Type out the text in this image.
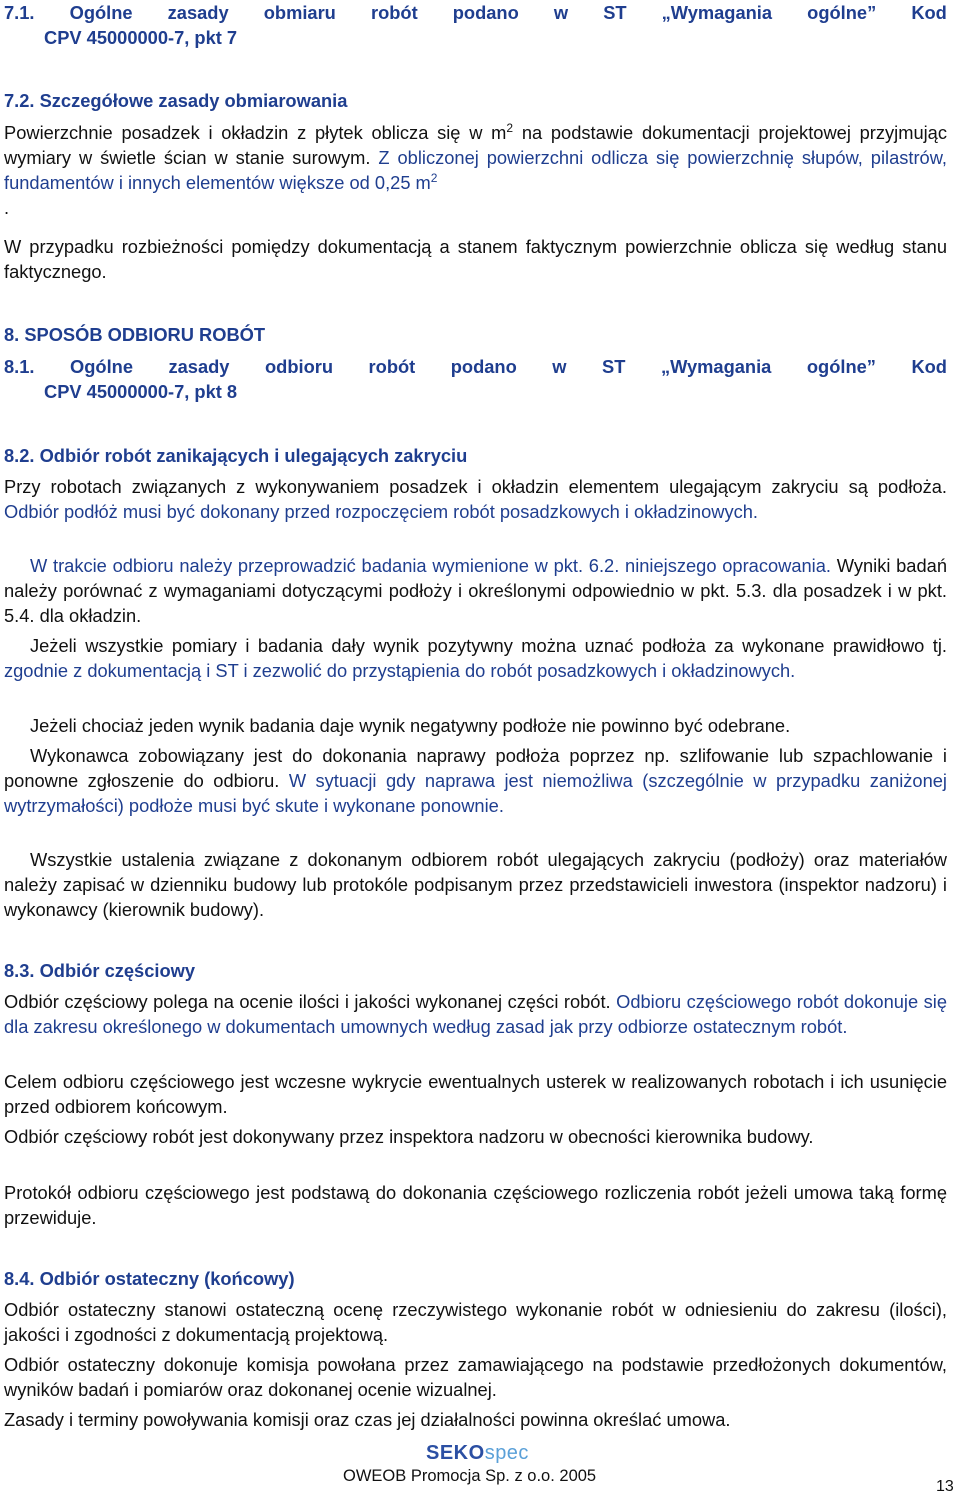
7.1. Ogólne zasady obmiaru robót podano w ST „Wymagania ogólne” Kod
CPV 45000000-7, pkt 7
7.2. Szczegółowe zasady obmiarowania

Powierzchnie posadzek i okładzin z płytek oblicza się w $m^2$ na podstawie dokumentacji projektowej przyjmując wymiary w świetle ścian w stanie surowym. Z obliczonej powierzchni odlicza się powierzchnię słupów, pilastrów, fundamentów i innych elementów większe od 0,25 $m^2$
.

W przypadku rozbieżności pomiędzy dokumentacją a stanem faktycznym powierzchnie oblicza się według stanu faktycznego.

8. SPOSÓB ODBIORU ROBÓT
8.1. Ogólne zasady odbioru robót podano w ST „Wymagania ogólne” Kod
CPV 45000000-7, pkt 8
8.2. Odbiór robót zanikających i ulegających zakryciu

Przy robotach związanych z wykonywaniem posadzek i okładzin elementem ulegającym zakryciu są podłoża. Odbiór podłóż musi być dokonany przed rozpoczęciem robót posadzkowych i okładzinowych.

W trakcie odbioru należy przeprowadzić badania wymienione w pkt. 6.2. niniejszego opracowania. Wyniki badań należy porównać z wymaganiami dotyczącymi podłoży i określonymi odpowiednio w pkt. 5.3. dla posadzek i w pkt. 5.4. dla okładzin.

Jeżeli wszystkie pomiary i badania dały wynik pozytywny można uznać podłoża za wykonane prawidłowo tj. zgodnie z dokumentacją i ST i zezwolić do przystąpienia do robót posadzkowych i okładzinowych.

Jeżeli chociaż jeden wynik badania daje wynik negatywny podłoże nie powinno być odebrane.

Wykonawca zobowiązany jest do dokonania naprawy podłoża poprzez np. szlifowanie lub szpachlowanie i ponowne zgłoszenie do odbioru. W sytuacji gdy naprawa jest niemożliwa (szczególnie w przypadku zaniżonej wytrzymałości) podłoże musi być skute i wykonane ponownie.

Wszystkie ustalenia związane z dokonanym odbiorem robót ulegających zakryciu (podłoży) oraz materiałów należy zapisać w dzienniku budowy lub protokóle podpisanym przez przedstawicieli inwestora (inspektor nadzoru) i wykonawcy (kierownik budowy).

8.3. Odbiór częściowy

Odbiór częściowy polega na ocenie ilości i jakości wykonanej części robót. Odbioru częściowego robót dokonuje się dla zakresu określonego w dokumentach umownych według zasad jak przy odbiorze ostatecznym robót.

Celem odbioru częściowego jest wczesne wykrycie ewentualnych usterek w realizowanych robotach i ich usunięcie przed odbiorem końcowym.

Odbiór częściowy robót jest dokonywany przez inspektora nadzoru w obecności kierownika budowy.

Protokół odbioru częściowego jest podstawą do dokonania częściowego rozliczenia robót jeżeli umowa taką formę przewiduje.

8.4. Odbiór ostateczny (końcowy)

Odbiór ostateczny stanowi ostateczną ocenę rzeczywistego wykonanie robót w odniesieniu do zakresu (ilości), jakości i zgodności z dokumentacją projektową.

Odbiór ostateczny dokonuje komisja powołana przez zamawiającego na podstawie przedłożonych dokumentów, wyników badań i pomiarów oraz dokonanej ocenie wizualnej.

Zasady i terminy powoływania komisji oraz czas jej działalności powinna określać umowa.

SEKOspec
OWEOB Promocja Sp. z o.o. 2005
13
